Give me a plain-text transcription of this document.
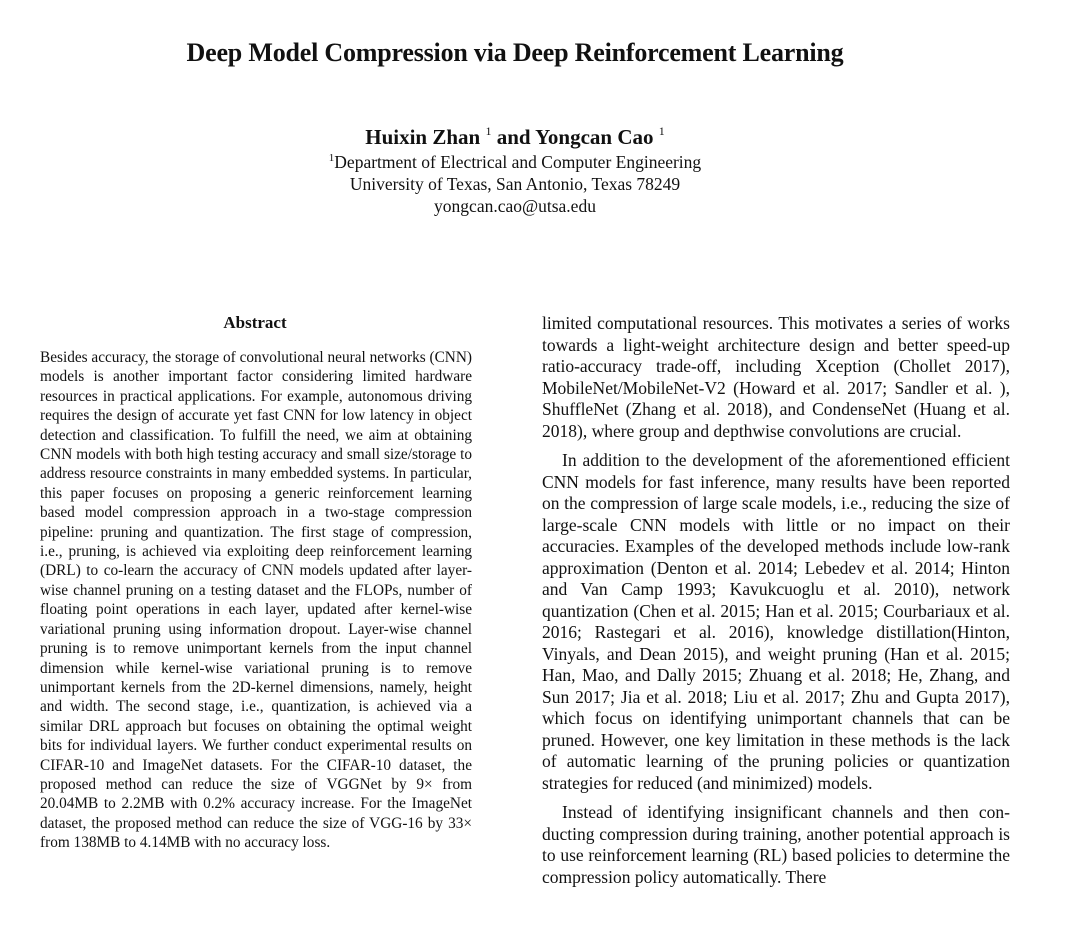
Deep Model Compression via Deep Reinforcement Learning
Huixin Zhan $^1$ and Yongcan Cao $^1$
$^1$Department of Electrical and Computer Engineering
University of Texas, San Antonio, Texas 78249
yongcan.cao@utsa.edu
Abstract

Besides accuracy, the storage of convolutional neural networks (CNN) models is another important factor considering limited hardware resources in practical applications. For example, autonomous driving requires the design of accurate yet fast CNN for low latency in object detection and classification. To fulfill the need, we aim at obtaining CNN models with both high testing accuracy and small size/storage to address resource constraints in many embedded systems. In particular, this paper focuses on proposing a generic reinforcement learning based model compression approach in a two-stage compression pipeline: pruning and quantization. The first stage of compression, i.e., pruning, is achieved via exploiting deep reinforcement learning (DRL) to co-learn the accuracy of CNN models updated after layer-wise channel pruning on a testing dataset and the FLOPs, number of floating point operations in each layer, updated after kernel-wise variational pruning using information dropout. Layer-wise channel pruning is to remove unimportant kernels from the input channel dimension while kernel-wise variational pruning is to remove unimportant kernels from the 2D-kernel dimensions, namely, height and width. The second stage, i.e., quantization, is achieved via a similar DRL approach but focuses on obtaining the optimal weight bits for individual layers. We further conduct experimental results on CIFAR-10 and ImageNet datasets. For the CIFAR-10 dataset, the proposed method can reduce the size of VGGNet by 9× from 20.04MB to 2.2MB with 0.2% accuracy increase. For the ImageNet dataset, the proposed method can reduce the size of VGG-16 by 33× from 138MB to 4.14MB with no accuracy loss.

limited computational resources. This motivates a series of works towards a light-weight architecture design and better speed-up ratio-accuracy trade-off, including Xception (Chollet 2017), MobileNet/MobileNet-V2 (Howard et al. 2017; Sandler et al. ), ShuffleNet (Zhang et al. 2018), and CondenseNet (Huang et al. 2018), where group and depthwise convolutions are crucial.

In addition to the development of the aforementioned efficient CNN models for fast inference, many results have been reported on the compression of large scale models, i.e., reducing the size of large-scale CNN models with little or no impact on their accuracies. Examples of the developed methods include low-rank approximation (Denton et al. 2014; Lebedev et al. 2014; Hinton and Van Camp 1993; Kavukcuoglu et al. 2010), network quantization (Chen et al. 2015; Han et al. 2015; Courbariaux et al. 2016; Rastegari et al. 2016), knowledge distillation(Hinton, Vinyals, and Dean 2015), and weight pruning (Han et al. 2015; Han, Mao, and Dally 2015; Zhuang et al. 2018; He, Zhang, and Sun 2017; Jia et al. 2018; Liu et al. 2017; Zhu and Gupta 2017), which focus on identifying unimportant channels that can be pruned. However, one key limitation in these methods is the lack of automatic learning of the pruning policies or quantization strategies for reduced (and minimized) models.

Instead of identifying insignificant channels and then conducting compression during training, another potential approach is to use reinforcement learning (RL) based policies to determine the compression policy automatically. There
